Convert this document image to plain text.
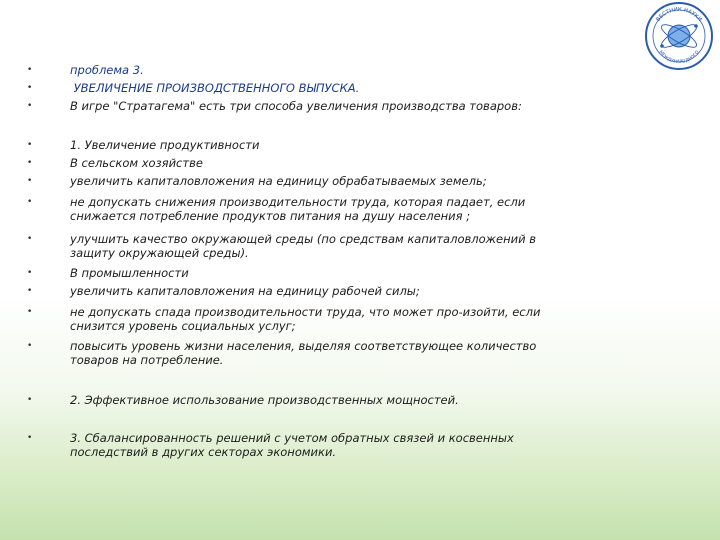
ВЕСТНИК НАУКИ
МЕЖДУНАРОДНОГО
•	проблема 3.
•	УВЕЛИЧЕНИЕ ПРОИЗВОДСТВЕННОГО ВЫПУСКА.
•	В игре "Стратагема" есть три способа увеличения производства товаров:
•	1. Увеличение продуктивности
•	В сельском хозяйстве
•	увеличить капиталовложения на единицу обрабатываемых земель;
•	не допускать снижения производительности труда, которая падает, если
снижается потребление продуктов питания на душу населения ;
•	улучшить качество окружающей среды (по средствам капиталовложений в
защиту окружающей среды).
•	В промышленности
•	увеличить капиталовложения на единицу рабочей силы;
•	не допускать спада производительности труда, что может про-изойти, если
снизится уровень социальных услуг;
•	повысить уровень жизни населения, выделяя соответствующее количество
товаров на потребление.
•	2. Эффективное использование производственных мощностей.
•	3. Сбалансированность решений с учетом обратных связей и косвенных
последствий в других секторах экономики.
